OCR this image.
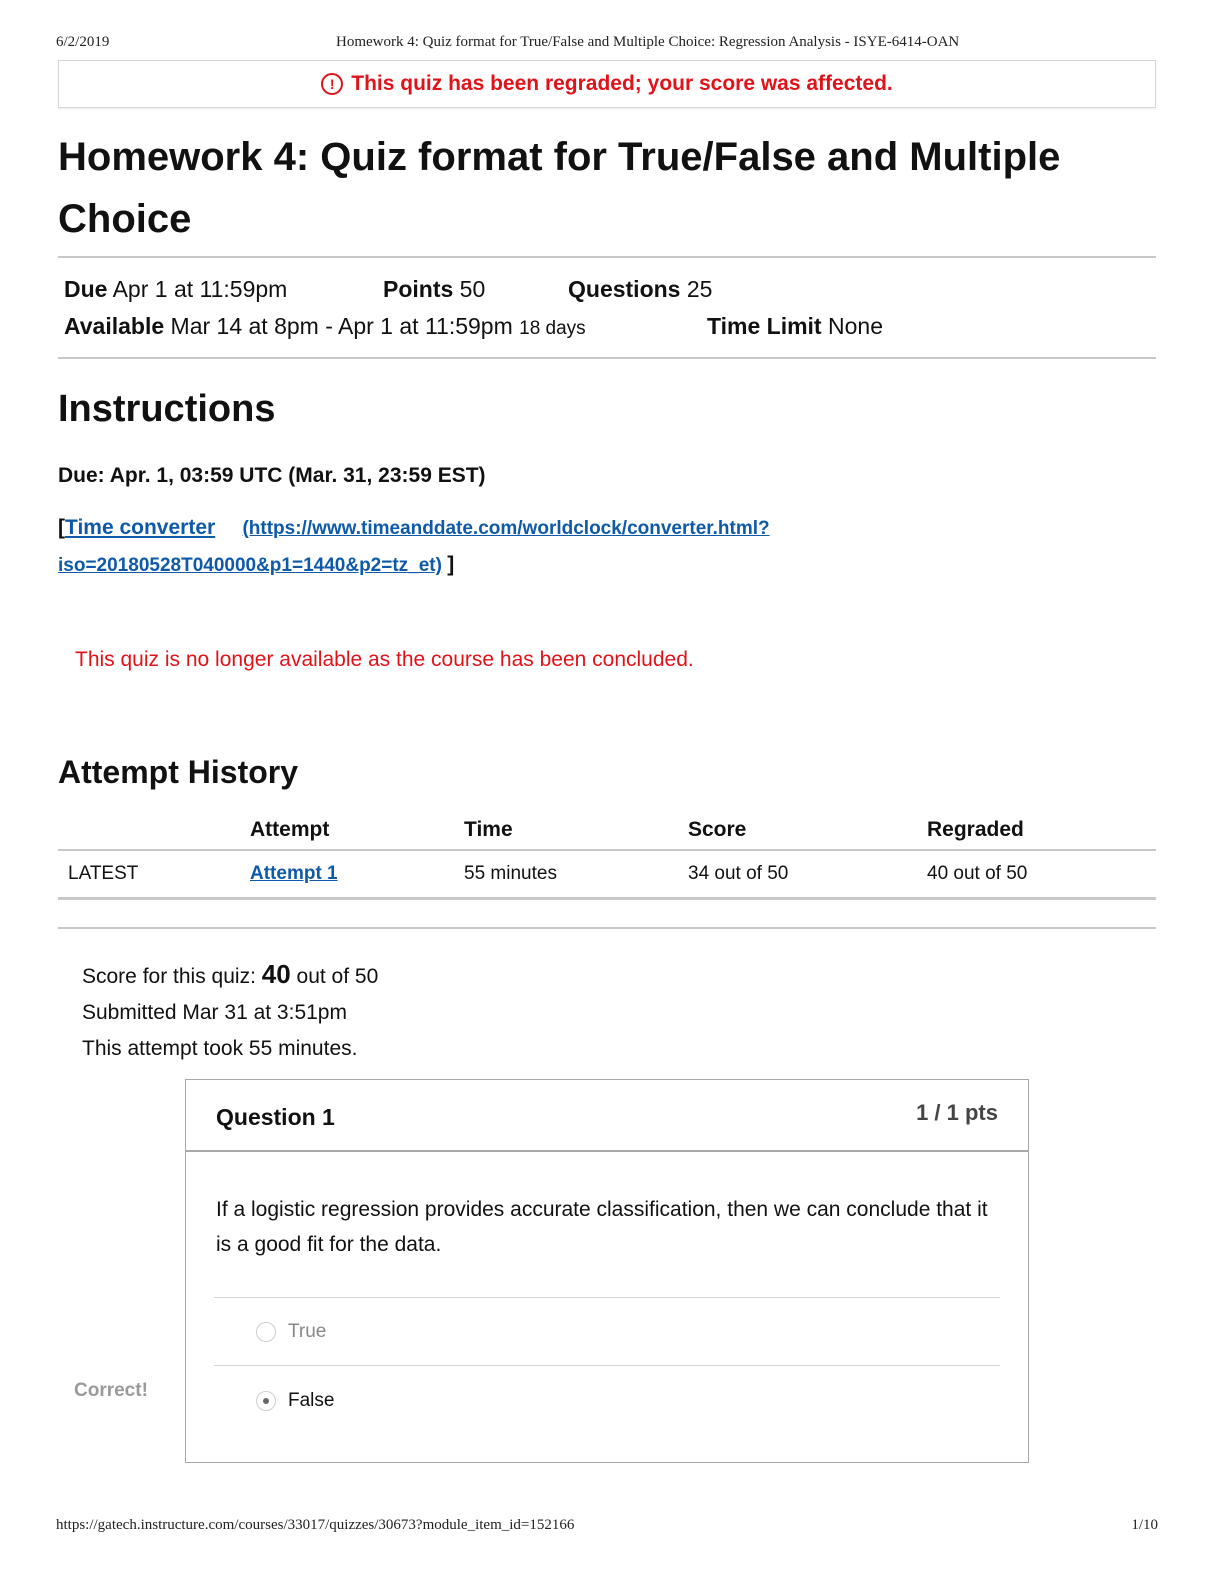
6/2/2019	Homework 4: Quiz format for True/False and Multiple Choice: Regression Analysis - ISYE-6414-OAN
! This quiz has been regraded; your score was affected.
Homework 4: Quiz format for True/False and Multiple Choice
Due Apr 1 at 11:59pm	Points 50	Questions 25
Available Mar 14 at 8pm - Apr 1 at 11:59pm 18 days	Time Limit None
Instructions
Due: Apr. 1, 03:59 UTC (Mar. 31, 23:59 EST)
[Time converter (https://www.timeanddate.com/worldclock/converter.html?
iso=20180528T040000&p1=1440&p2=tz_et) ]
This quiz is no longer available as the course has been concluded.
Attempt History
	Attempt	Time	Score	Regraded
LATEST	Attempt 1	55 minutes	34 out of 50	40 out of 50
Score for this quiz: 40 out of 50
Submitted Mar 31 at 3:51pm
This attempt took 55 minutes.
Correct!
Question 1	1 / 1 pts
If a logistic regression provides accurate classification, then we can conclude that it is a good fit for the data.
True
False
https://gatech.instructure.com/courses/33017/quizzes/30673?module_item_id=152166	1/10
